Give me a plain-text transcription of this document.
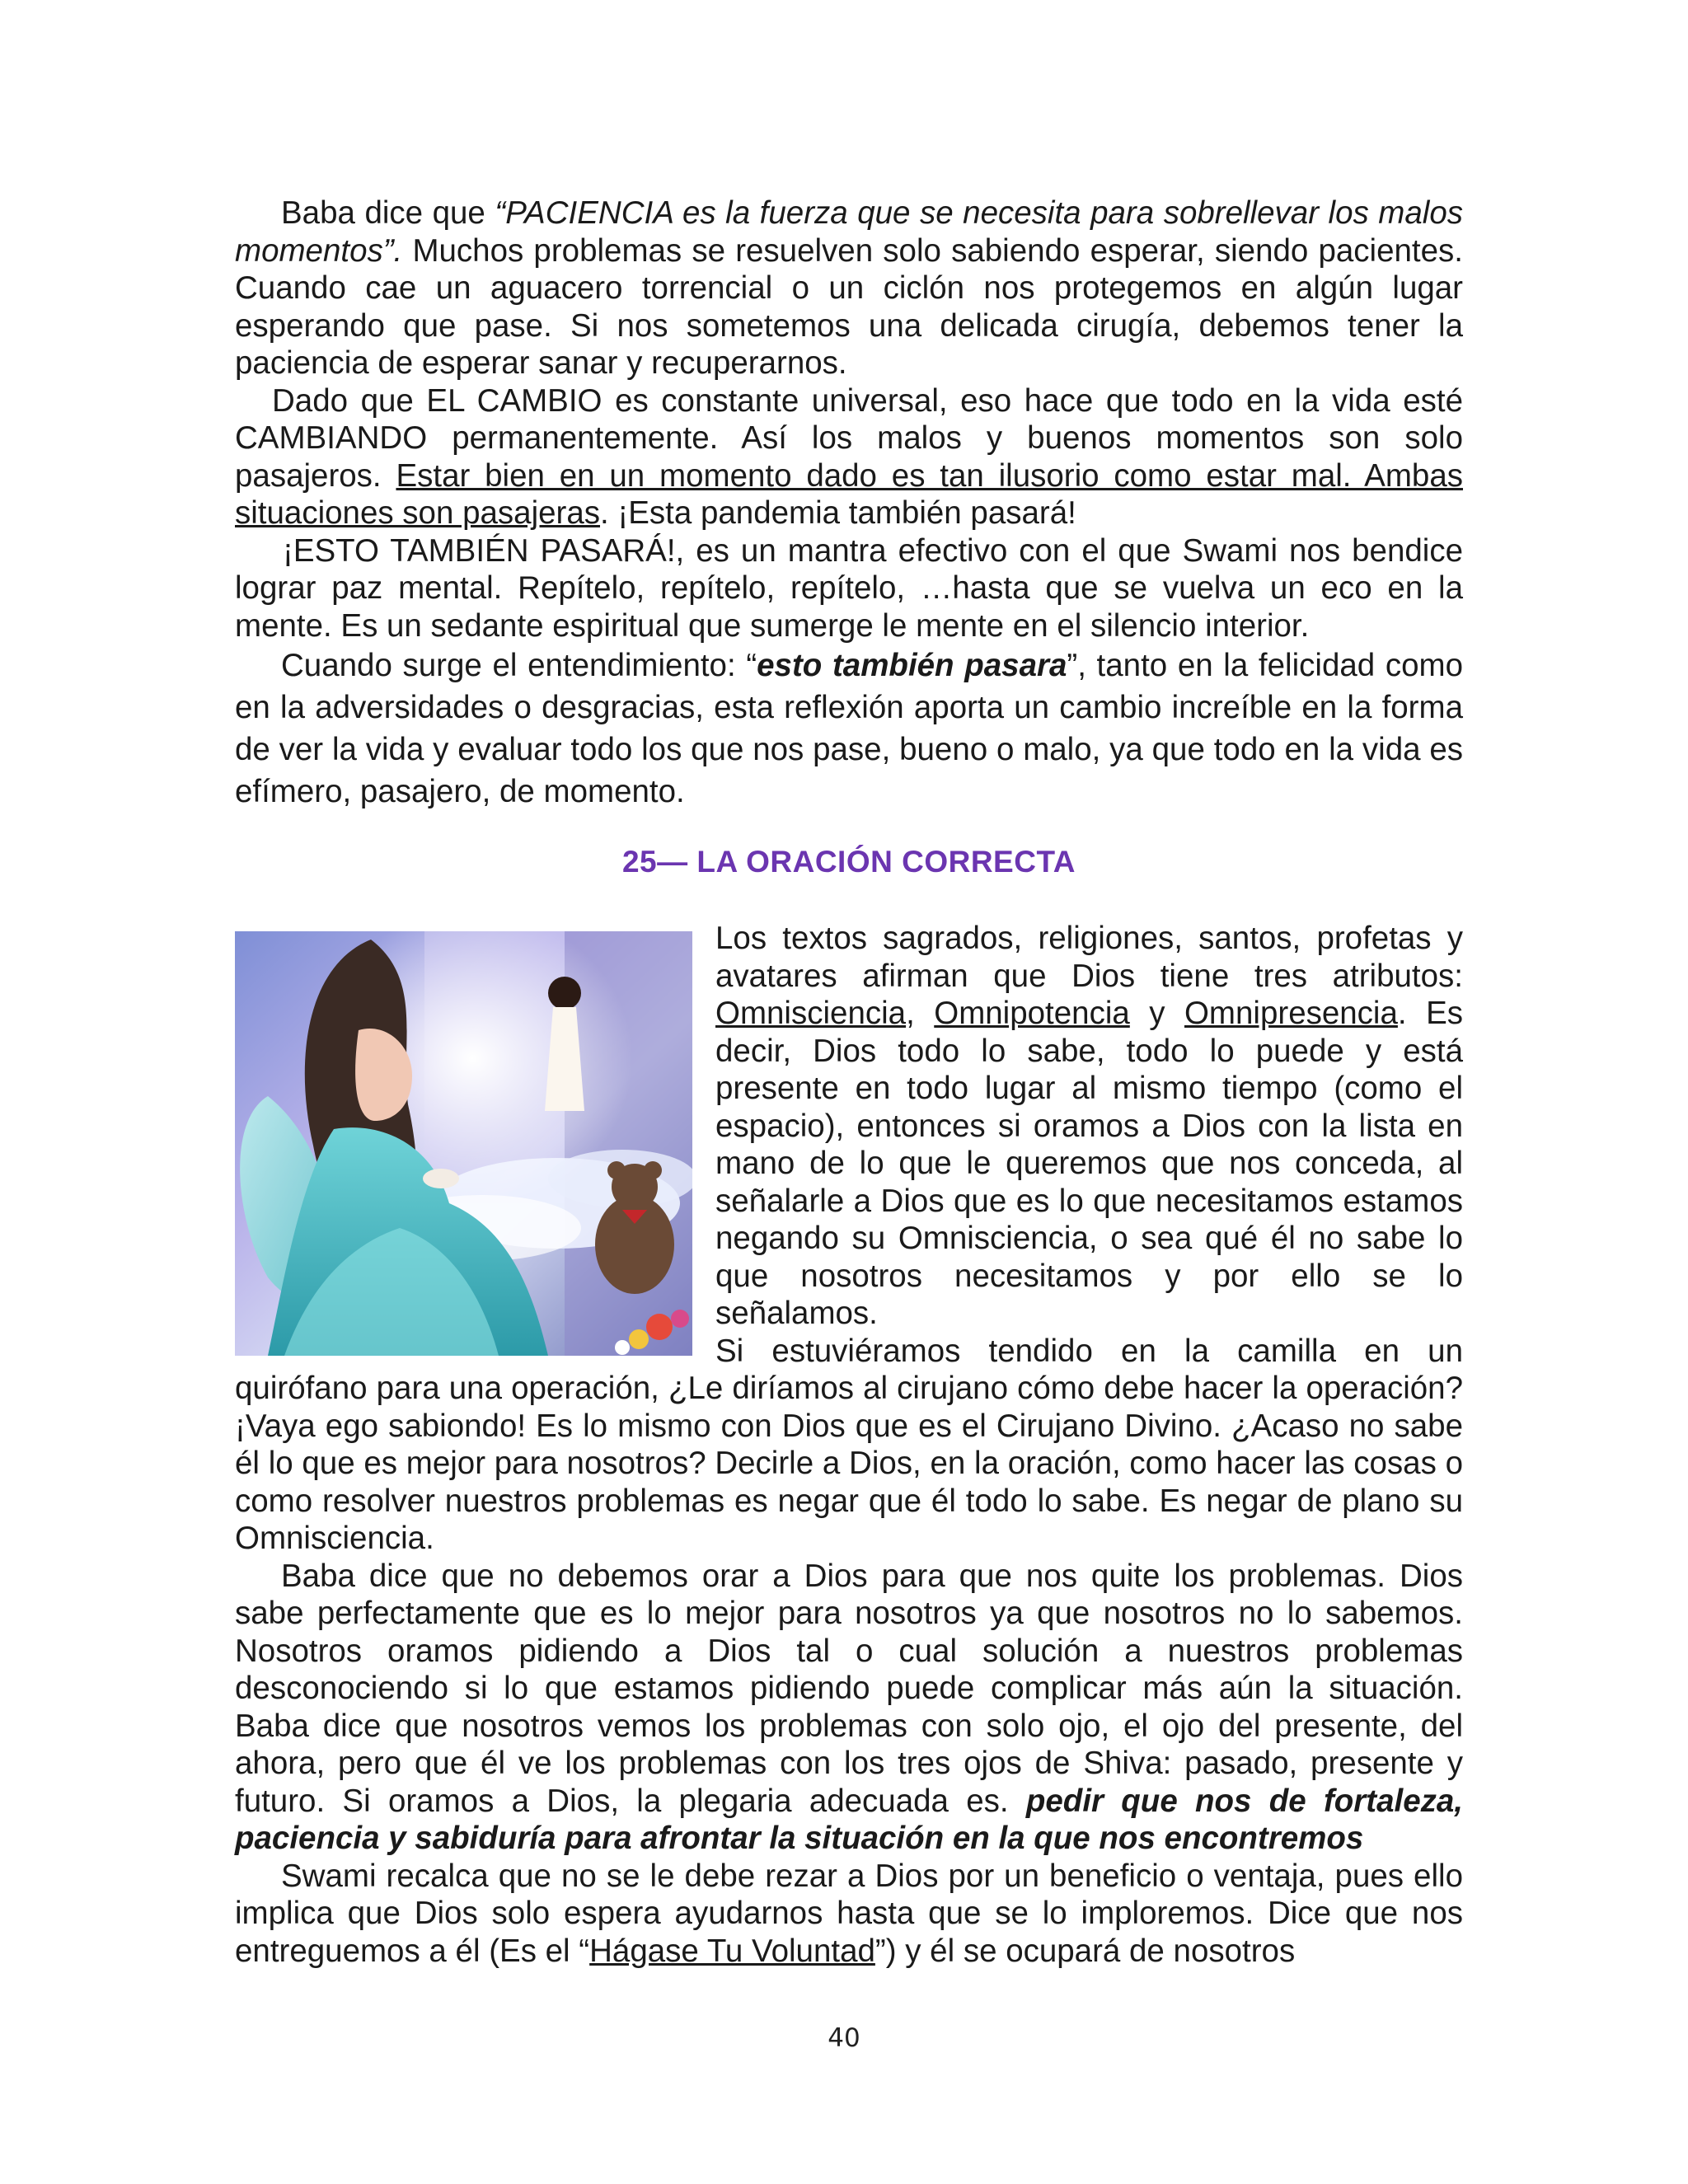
Baba dice que “PACIENCIA es la fuerza que se necesita para sobrellevar los malos momentos”. Muchos problemas se resuelven solo sabiendo esperar, siendo pacientes. Cuando cae un aguacero torrencial o un ciclón nos protegemos en algún lugar esperando que pase. Si nos sometemos una delicada cirugía, debemos tener la paciencia de esperar sanar y recuperarnos.

Dado que EL CAMBIO es constante universal, eso hace que todo en la vida esté CAMBIANDO permanentemente. Así los malos y buenos momentos son solo pasajeros. Estar bien en un momento dado es tan ilusorio como estar mal. Ambas situaciones son pasajeras. ¡Esta pandemia también pasará!

¡ESTO TAMBIÉN PASARÁ!, es un mantra efectivo con el que Swami nos bendice lograr paz mental. Repítelo, repítelo, repítelo, …hasta que se vuelva un eco en la mente. Es un sedante espiritual que sumerge le mente en el silencio interior.

Cuando surge el entendimiento: “esto también pasara”, tanto en la felicidad como en la adversidades o desgracias, esta reflexión aporta un cambio increíble en la forma de ver la vida y evaluar todo los que nos pase, bueno o malo, ya que todo en la vida es efímero, pasajero, de momento.

25— LA ORACIÓN CORRECTA

Los textos sagrados, religiones, santos, profetas y avatares afirman que Dios tiene tres atributos: Omnisciencia, Omnipotencia y Omnipresencia. Es decir, Dios todo lo sabe, todo lo puede y está presente en todo lugar al mismo tiempo (como el espacio), entonces si oramos a Dios con la lista en mano de lo que le queremos que nos conceda, al señalarle a Dios que es lo que necesitamos estamos negando su Omnisciencia, o sea qué él no sabe lo que nosotros necesitamos y por ello se lo señalamos.

Si estuviéramos tendido en la camilla en un

quirófano para una operación, ¿Le diríamos al cirujano cómo debe hacer la operación? ¡Vaya ego sabiondo! Es lo mismo con Dios que es el Cirujano Divino. ¿Acaso no sabe él lo que es mejor para nosotros? Decirle a Dios, en la oración, como hacer las cosas o como resolver nuestros problemas es negar que él todo lo sabe. Es negar de plano su Omnisciencia.

Baba dice que no debemos orar a Dios para que nos quite los problemas. Dios sabe perfectamente que es lo mejor para nosotros ya que nosotros no lo sabemos. Nosotros oramos pidiendo a Dios tal o cual solución a nuestros problemas desconociendo si lo que estamos pidiendo puede complicar más aún la situación. Baba dice que nosotros vemos los problemas con solo ojo, el ojo del presente, del ahora, pero que él ve los problemas con los tres ojos de Shiva: pasado, presente y futuro. Si oramos a Dios, la plegaria adecuada es. pedir que nos de fortaleza, paciencia y sabiduría para afrontar la situación en la que nos encontremos

Swami recalca que no se le debe rezar a Dios por un beneficio o ventaja, pues ello implica que Dios solo espera ayudarnos hasta que se lo imploremos. Dice que nos entreguemos a él (Es el “Hágase Tu Voluntad”) y él se ocupará de nosotros

40
